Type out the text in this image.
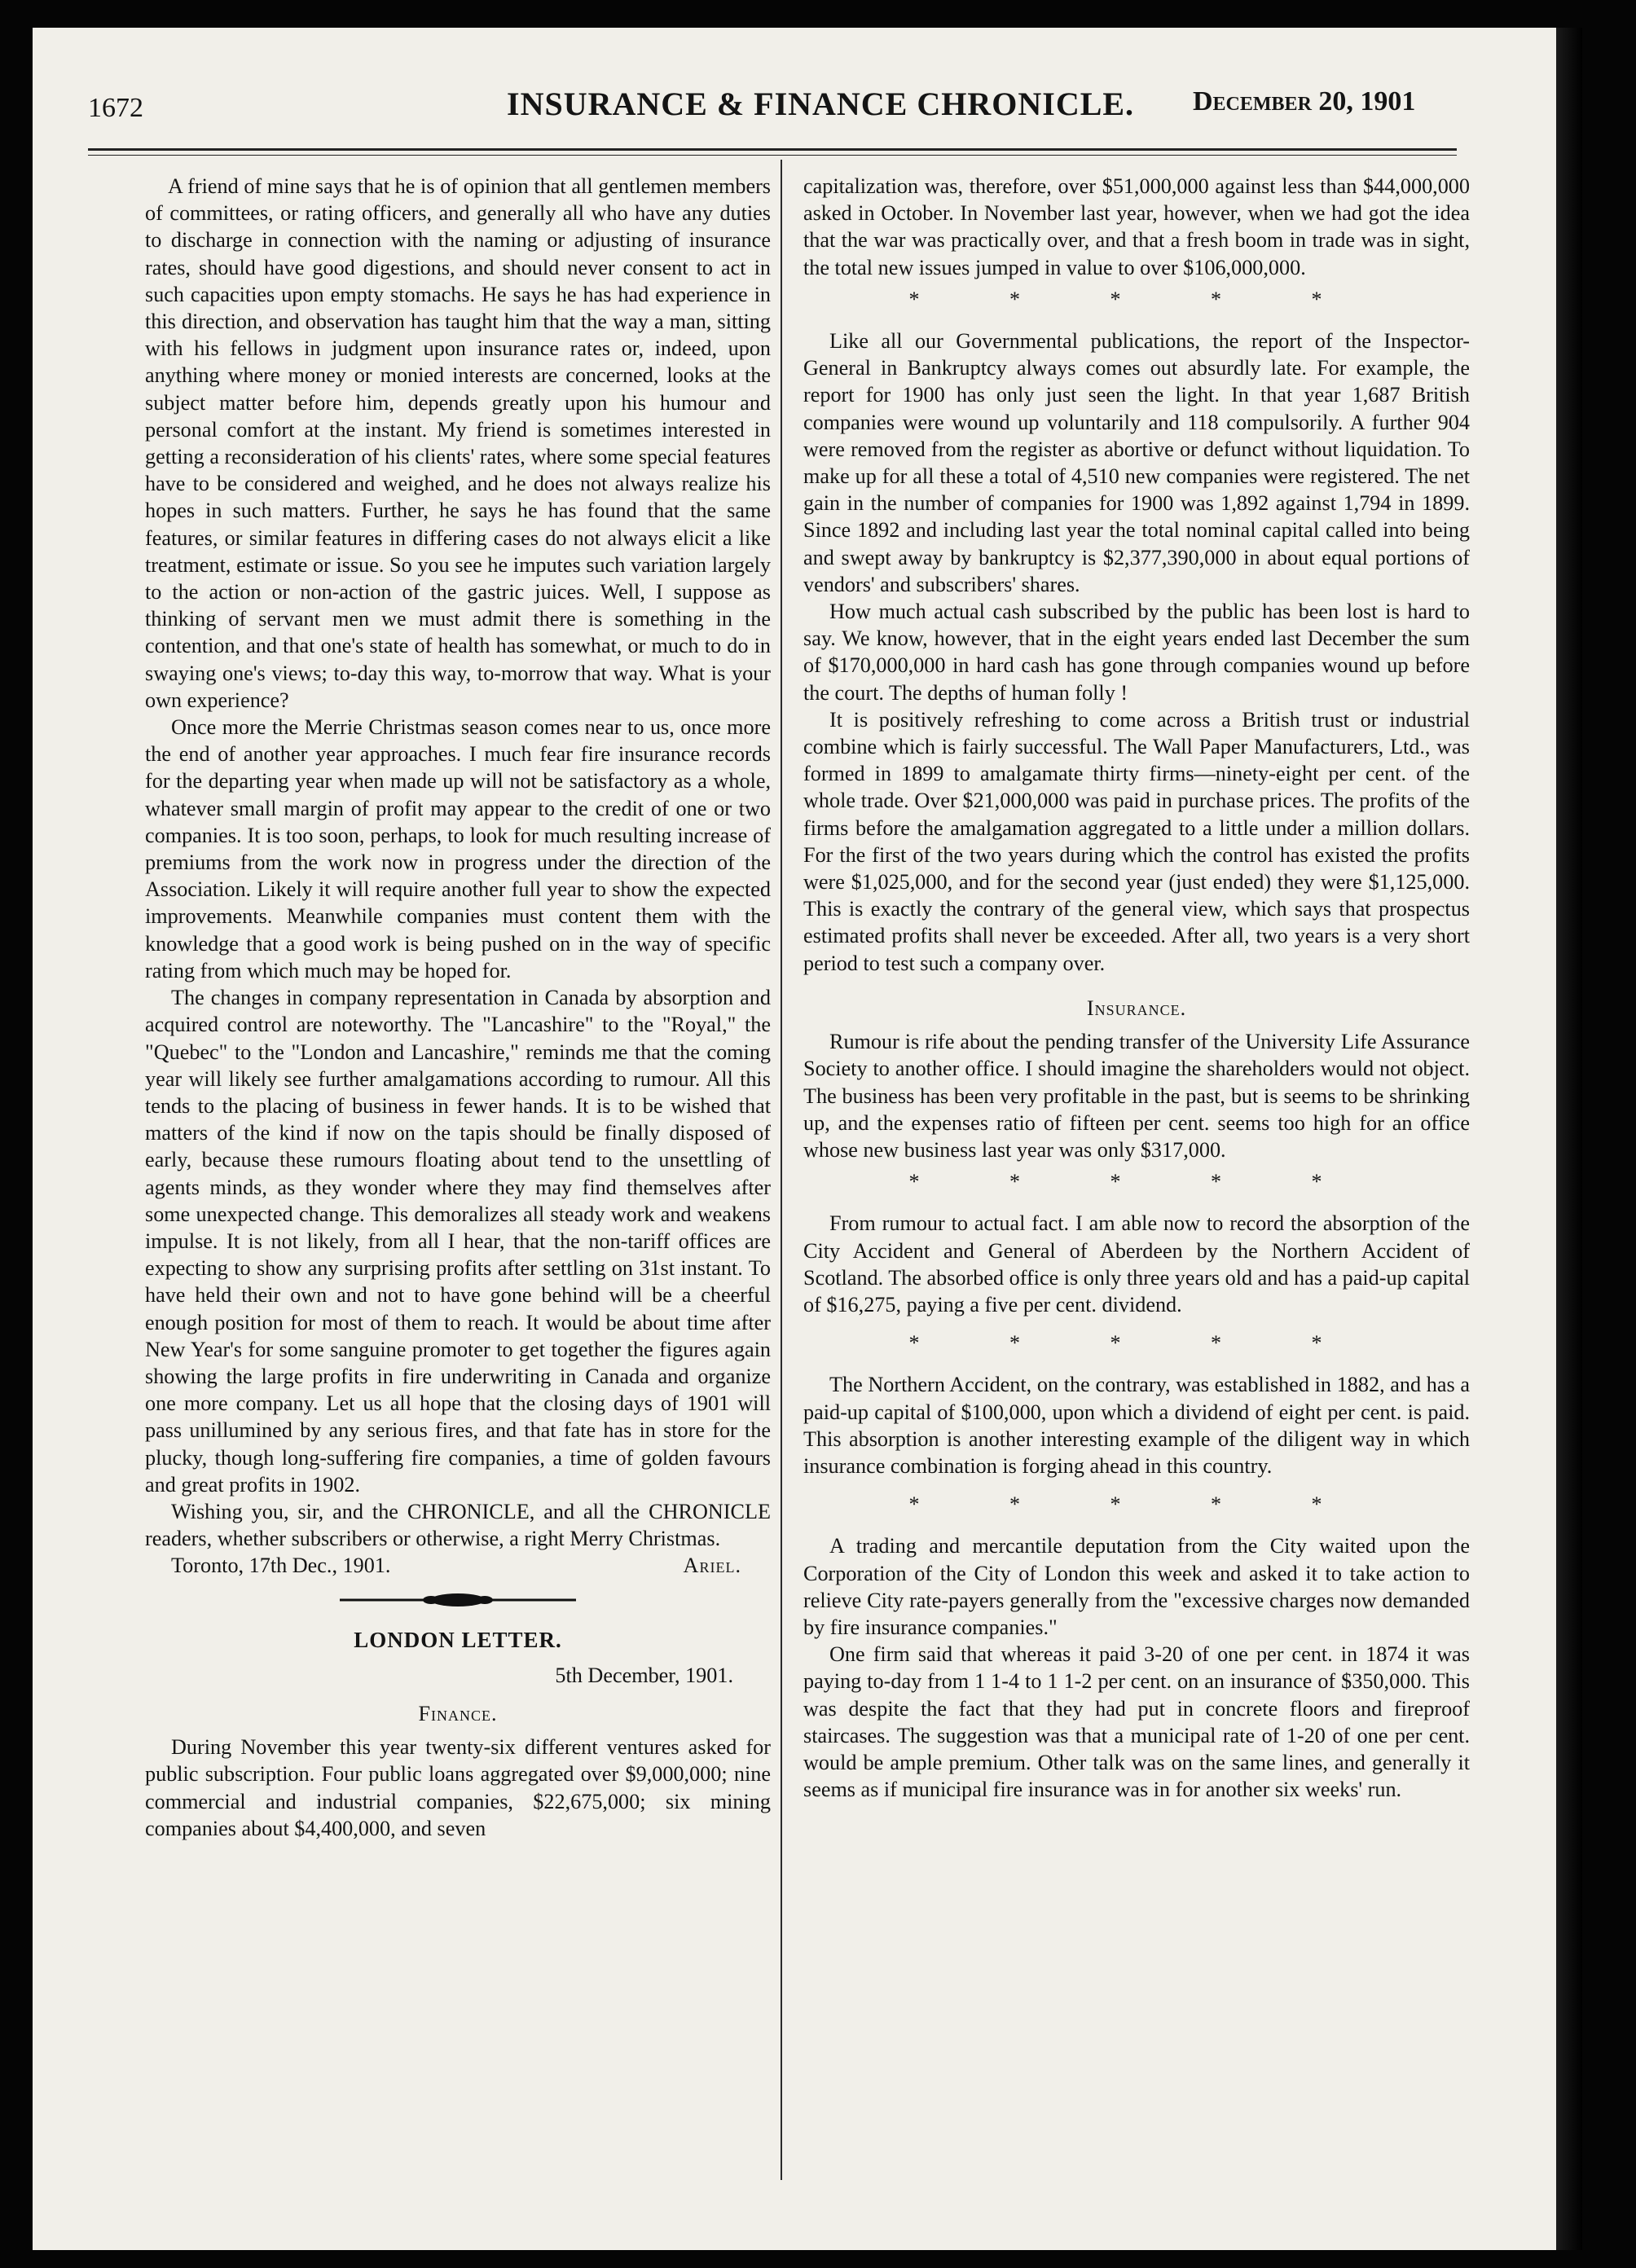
1672	INSURANCE & FINANCE CHRONICLE. December 20, 1901

A friend of mine says that he is of opinion that all gentlemen members of committees, or rating officers, and generally all who have any duties to discharge in connection with the naming or adjusting of insurance rates, should have good digestions, and should never consent to act in such capacities upon empty stomachs. He says he has had experience in this direction, and observation has taught him that the way a man, sitting with his fellows in judgment upon insurance rates or, indeed, upon anything where money or monied interests are concerned, looks at the subject matter before him, depends greatly upon his humour and personal comfort at the instant. My friend is sometimes interested in getting a reconsideration of his clients' rates, where some special features have to be considered and weighed, and he does not always realize his hopes in such matters. Further, he says he has found that the same features, or similar features in differing cases do not always elicit a like treatment, estimate or issue. So you see he imputes such variation largely to the action or non-action of the gastric juices. Well, I suppose as thinking of servant men we must admit there is something in the contention, and that one's state of health has somewhat, or much to do in swaying one's views; to-day this way, to-morrow that way. What is your own experience?

Once more the Merrie Christmas season comes near to us, once more the end of another year approaches. I much fear fire insurance records for the departing year when made up will not be satisfactory as a whole, whatever small margin of profit may appear to the credit of one or two companies. It is too soon, perhaps, to look for much resulting increase of premiums from the work now in progress under the direction of the Association. Likely it will require another full year to show the expected improvements. Meanwhile companies must content them with the knowledge that a good work is being pushed on in the way of specific rating from which much may be hoped for.

The changes in company representation in Canada by absorption and acquired control are noteworthy. The "Lancashire" to the "Royal," the "Quebec" to the "London and Lancashire," reminds me that the coming year will likely see further amalgamations according to rumour. All this tends to the placing of business in fewer hands. It is to be wished that matters of the kind if now on the tapis should be finally disposed of early, because these rumours floating about tend to the unsettling of agents minds, as they wonder where they may find themselves after some unexpected change. This demoralizes all steady work and weakens impulse. It is not likely, from all I hear, that the non-tariff offices are expecting to show any surprising profits after settling on 31st instant. To have held their own and not to have gone behind will be a cheerful enough position for most of them to reach. It would be about time after New Year's for some sanguine promoter to get together the figures again showing the large profits in fire underwriting in Canada and organize one more company. Let us all hope that the closing days of 1901 will pass unillumined by any serious fires, and that fate has in store for the plucky, though long-suffering fire companies, a time of golden favours and great profits in 1902.

Wishing you, sir, and the CHRONICLE, and all the CHRONICLE readers, whether subscribers or otherwise, a right Merry Christmas.

Toronto, 17th Dec., 1901.	Ariel.
LONDON LETTER.
5th December, 1901.
Finance.

During November this year twenty-six different ventures asked for public subscription. Four public loans aggregated over $9,000,000; nine commercial and industrial companies, $22,675,000; six mining companies about $4,400,000, and seven

capitalization was, therefore, over $51,000,000 against less than $44,000,000 asked in October. In November last year, however, when we had got the idea that the war was practically over, and that a fresh boom in trade was in sight, the total new issues jumped in value to over $106,000,000.

* * * * *

Like all our Governmental publications, the report of the Inspector-General in Bankruptcy always comes out absurdly late. For example, the report for 1900 has only just seen the light. In that year 1,687 British companies were wound up voluntarily and 118 compulsorily. A further 904 were removed from the register as abortive or defunct without liquidation. To make up for all these a total of 4,510 new companies were registered. The net gain in the number of companies for 1900 was 1,892 against 1,794 in 1899. Since 1892 and including last year the total nominal capital called into being and swept away by bankruptcy is $2,377,390,000 in about equal portions of vendors' and subscribers' shares.

How much actual cash subscribed by the public has been lost is hard to say. We know, however, that in the eight years ended last December the sum of $170,000,000 in hard cash has gone through companies wound up before the court. The depths of human folly !

It is positively refreshing to come across a British trust or industrial combine which is fairly successful. The Wall Paper Manufacturers, Ltd., was formed in 1899 to amalgamate thirty firms—ninety-eight per cent. of the whole trade. Over $21,000,000 was paid in purchase prices. The profits of the firms before the amalgamation aggregated to a little under a million dollars. For the first of the two years during which the control has existed the profits were $1,025,000, and for the second year (just ended) they were $1,125,000. This is exactly the contrary of the general view, which says that prospectus estimated profits shall never be exceeded. After all, two years is a very short period to test such a company over.

Insurance.

Rumour is rife about the pending transfer of the University Life Assurance Society to another office. I should imagine the shareholders would not object. The business has been very profitable in the past, but is seems to be shrinking up, and the expenses ratio of fifteen per cent. seems too high for an office whose new business last year was only $317,000.

* * * * *

From rumour to actual fact. I am able now to record the absorption of the City Accident and General of Aberdeen by the Northern Accident of Scotland. The absorbed office is only three years old and has a paid-up capital of $16,275, paying a five per cent. dividend.

* * * * *

The Northern Accident, on the contrary, was established in 1882, and has a paid-up capital of $100,000, upon which a dividend of eight per cent. is paid. This absorption is another interesting example of the diligent way in which insurance combination is forging ahead in this country.

* * * * *

A trading and mercantile deputation from the City waited upon the Corporation of the City of London this week and asked it to take action to relieve City rate-payers generally from the "excessive charges now demanded by fire insurance companies."

One firm said that whereas it paid 3-20 of one per cent. in 1874 it was paying to-day from 1 1-4 to 1 1-2 per cent. on an insurance of $350,000. This was despite the fact that they had put in concrete floors and fireproof staircases. The suggestion was that a municipal rate of 1-20 of one per cent. would be ample premium. Other talk was on the same lines, and generally it seems as if municipal fire insurance was in for another six weeks' run.
